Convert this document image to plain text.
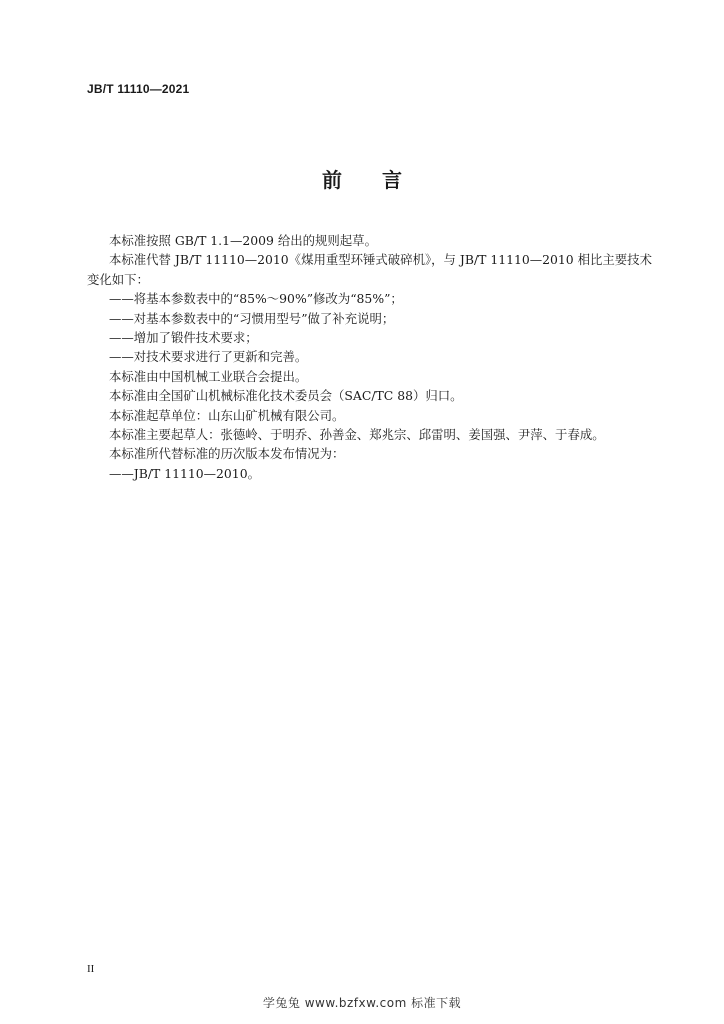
JB/T 11110—2021
前 言

本标准按照 GB/T 1.1—2009 给出的规则起草。

本标准代替 JB/T 11110—2010《煤用重型环锤式破碎机》，与 JB/T 11110—2010 相比主要技术变化如下：

——将基本参数表中的“85%～90%”修改为“85%”；

——对基本参数表中的“习惯用型号”做了补充说明；

——增加了锻件技术要求；

——对技术要求进行了更新和完善。

本标准由中国机械工业联合会提出。

本标准由全国矿山机械标准化技术委员会（SAC/TC 88）归口。

本标准起草单位：山东山矿机械有限公司。

本标准主要起草人：张德岭、于明乔、孙善金、郑兆宗、邱雷明、姜国强、尹萍、于春成。

本标准所代替标准的历次版本发布情况为：

——JB/T 11110—2010。

II
学兔兔 www.bzfxw.com 标准下载
